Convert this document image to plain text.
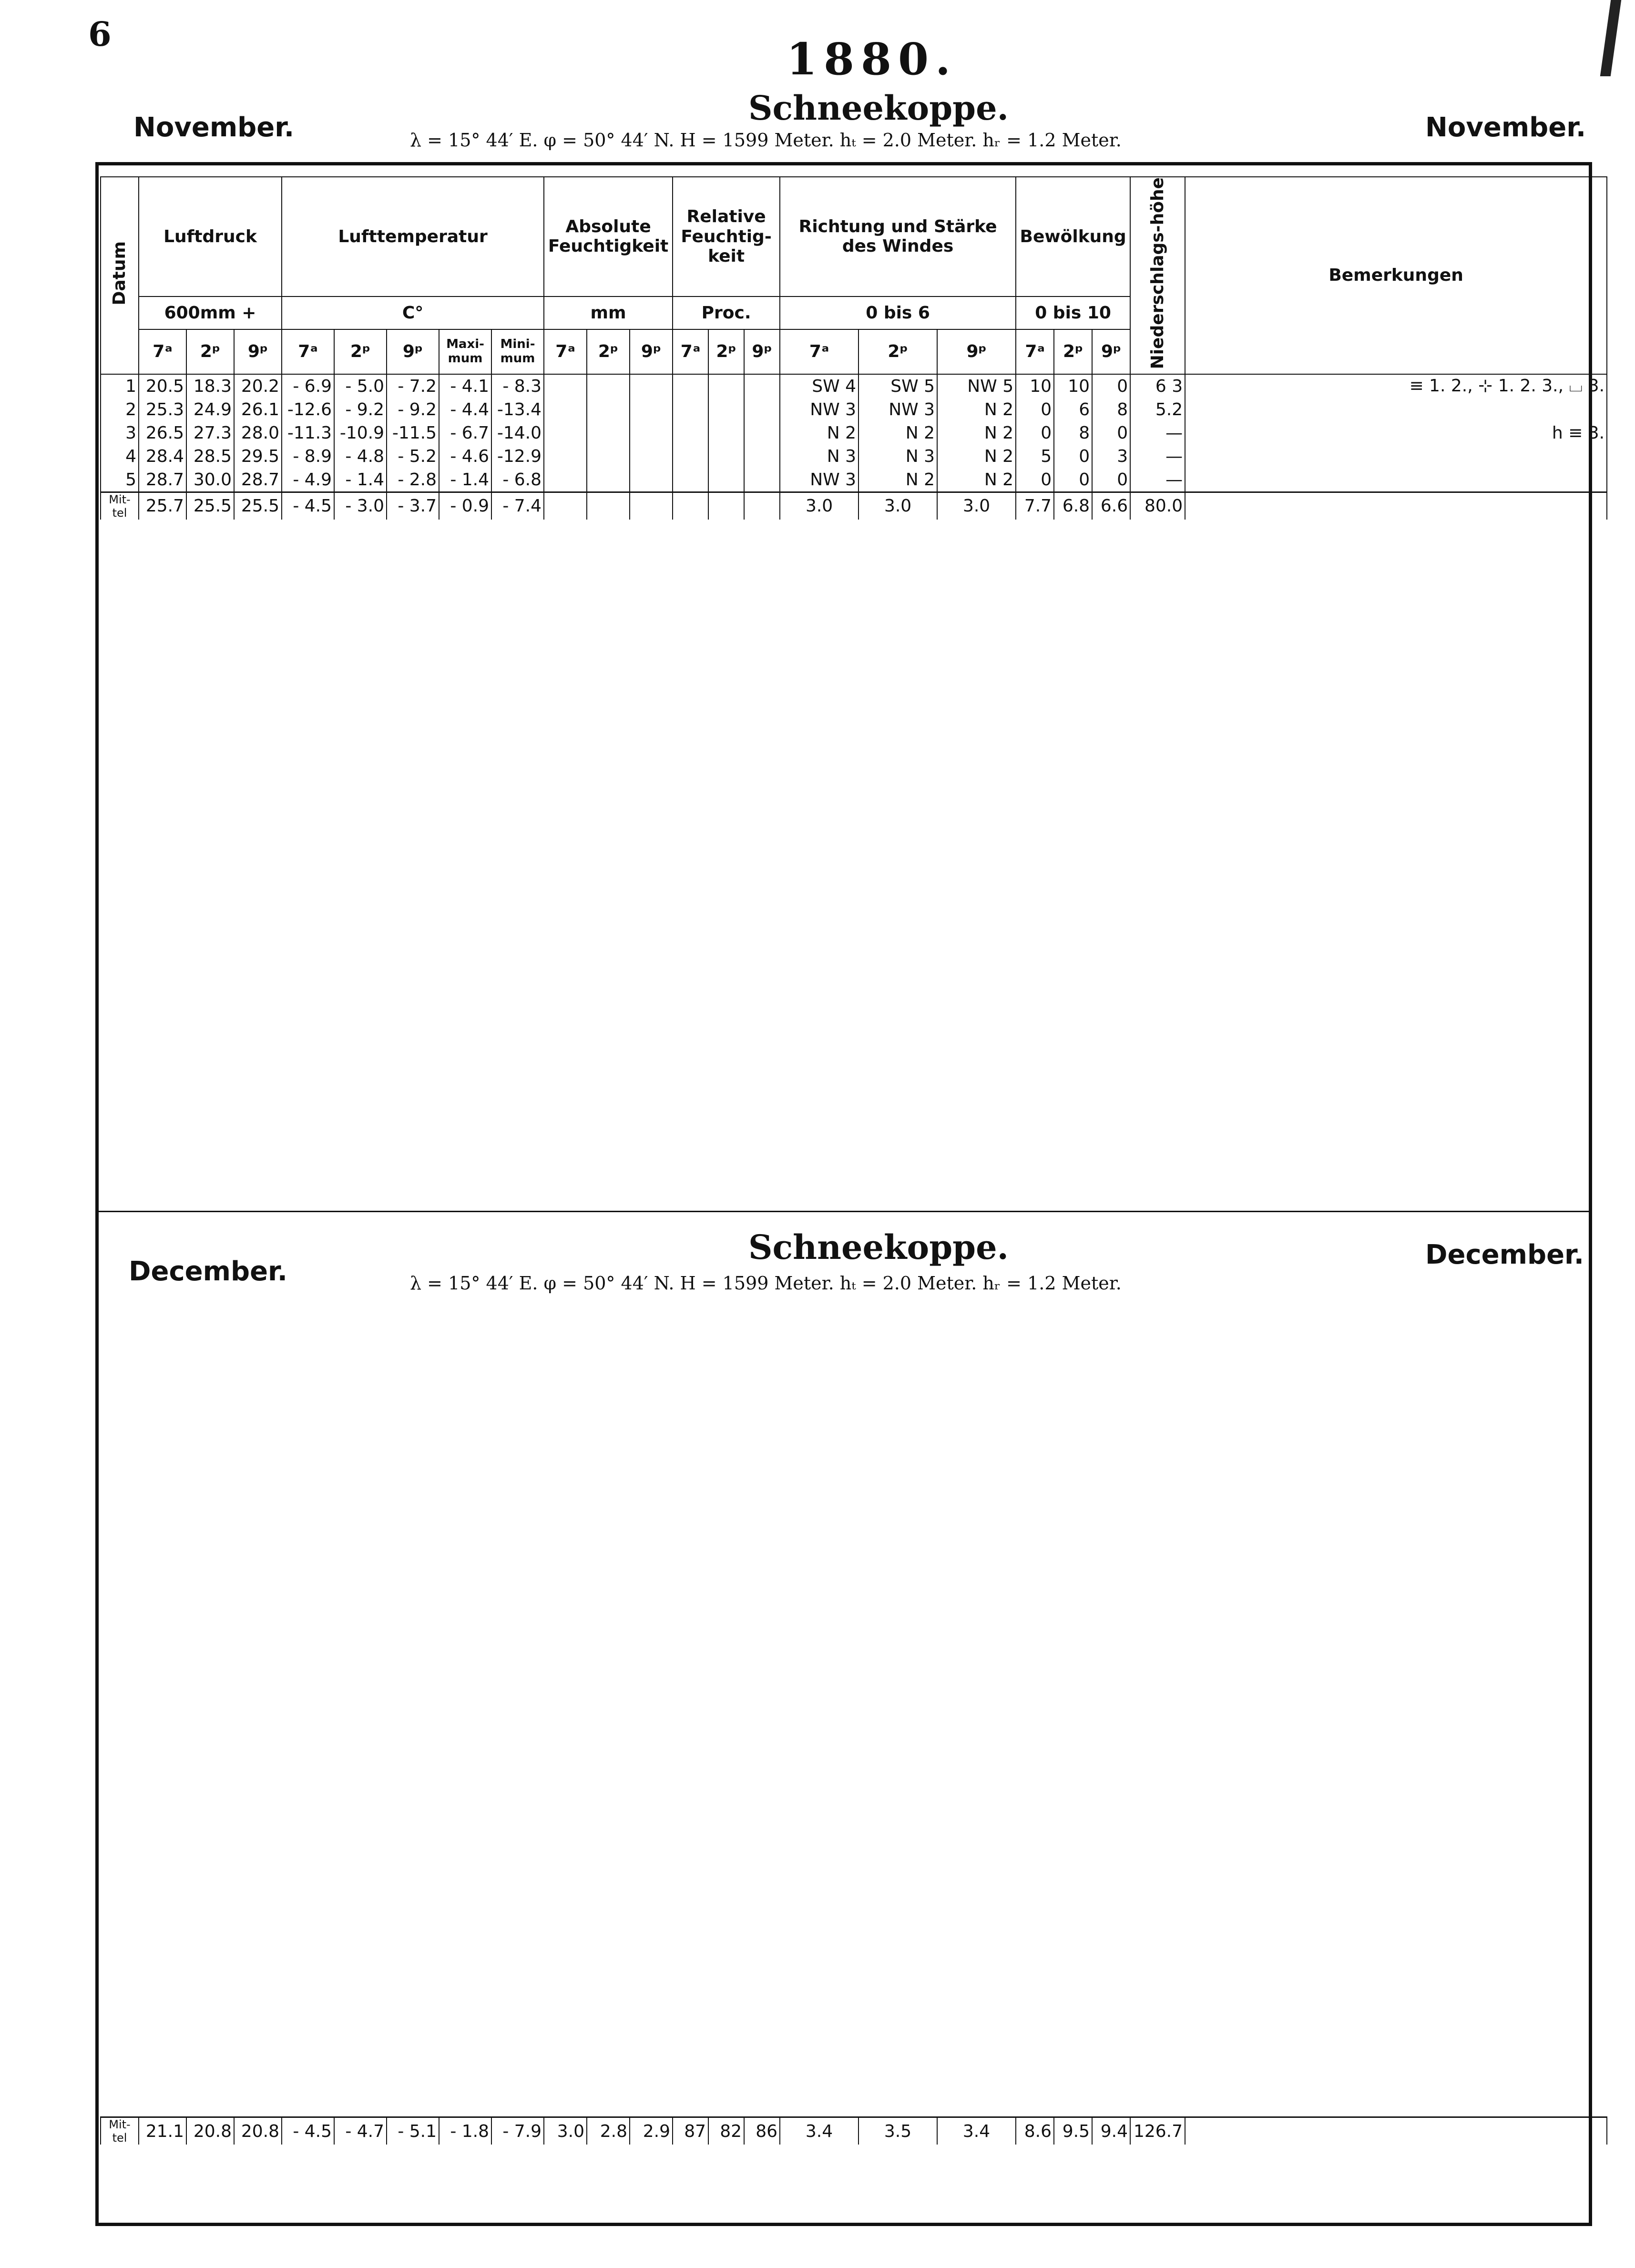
6	1880.
Schneekoppe.
November.	November.
λ = 15° 44′ E. φ = 50° 44′ N. H = 1599 Meter. hₜ = 2.0 Meter. hᵣ = 1.2 Meter.
Datum	Luftdruck			Lufttemperatur					Absolute Feuchtigkeit			Relative Feuchtig-keit			Richtung und Stärke des Windes			Bewölkung			Niederschlags-höhe	Bemerkungen
	600mm +			C°					mm			Proc.			0 bis 6			0 bis 10				
	7ᵃ	2ᵖ	9ᵖ	7ᵃ	2ᵖ	9ᵖ	Maxi-mum	Mini-mum	7ᵃ	2ᵖ	9ᵖ	7ᵃ	2ᵖ	9ᵖ	7ᵃ	2ᵖ	9ᵖ	7ᵃ	2ᵖ	9ᵖ		
1	20.5	18.3	20.2	- 6.9	- 5.0	- 7.2	- 4.1	- 8.3							SW 4	SW 5	NW 5	10	10	0	6 3	≡ 1. 2., ⊹ 1. 2. 3., ⌴ 3.
2	25.3	24.9	26.1	-12.6	- 9.2	- 9.2	- 4.4	-13.4							NW 3	NW 3	N 2	0	6	8	5.2	
3	26.5	27.3	28.0	-11.3	-10.9	-11.5	- 6.7	-14.0							N 2	N 2	N 2	0	8	0	—	h ≡ 3.
4	28.4	28.5	29.5	- 8.9	- 4.8	- 5.2	- 4.6	-12.9							N 3	N 3	N 2	5	0	3	—	
5	28.7	30.0	28.7	- 4.9	- 1.4	- 2.8	- 1.4	- 6.8							NW 3	N 2	N 2	0	0	0	—	
Mit-tel	25.7	25.5	25.5	- 4.5	- 3.0	- 3.7	- 0.9	- 7.4							3.0	3.0	3.0	7.7	6.8	6.6	80.0	
Schneekoppe.
December.
December.
λ = 15° 44′ E. φ = 50° 44′ N. H = 1599 Meter. hₜ = 2.0 Meter. hᵣ = 1.2 Meter.
Mit-tel	21.1	20.8	20.8	- 4.5	- 4.7	- 5.1	- 1.8	- 7.9	3.0	2.8	2.9	87	82	86	3.4	3.5	3.4	8.6	9.5	9.4	126.7	
